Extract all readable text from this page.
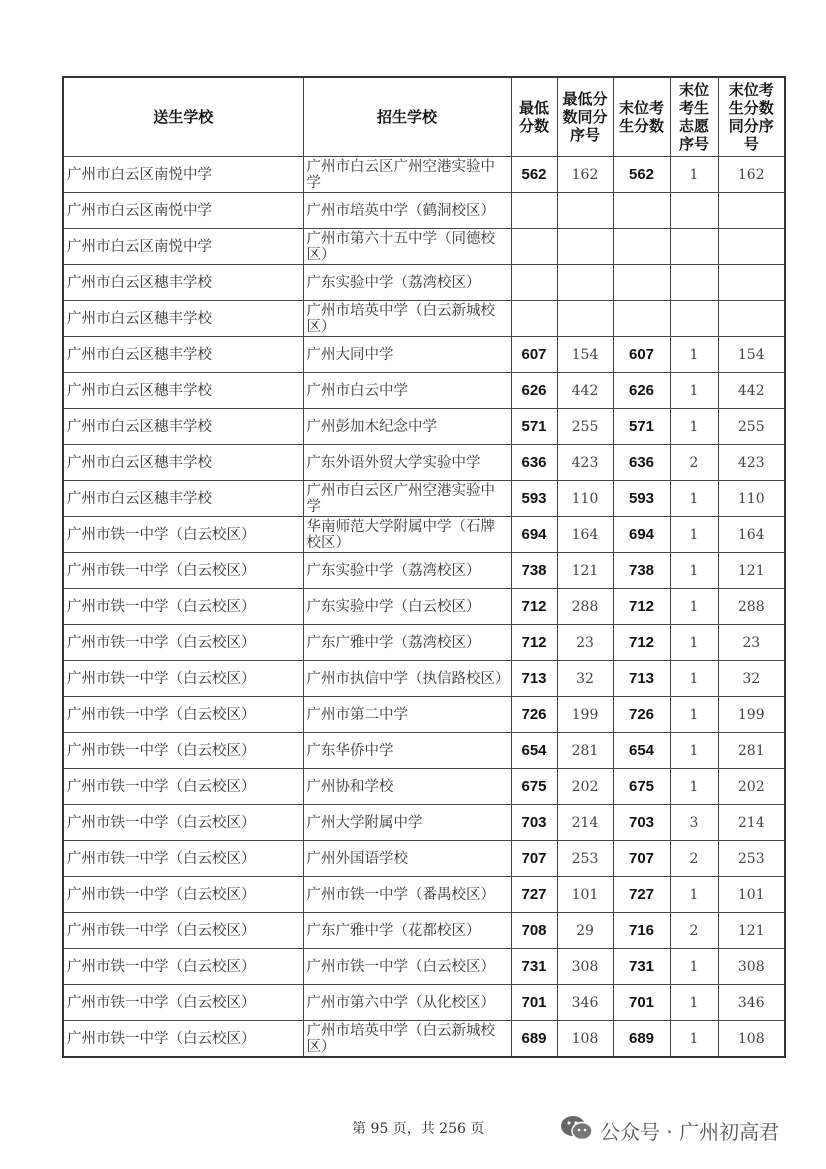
送生学校	招生学校	最低分数	最低分数同分序号	末位考生分数	末位考生志愿序号	末位考生分数同分序号
广州市白云区南悦中学	广州市白云区广州空港实验中学	562	162	562	1	162
广州市白云区南悦中学	广州市培英中学（鹤洞校区）					
广州市白云区南悦中学	广州市第六十五中学（同德校区）					
广州市白云区穗丰学校	广东实验中学（荔湾校区）					
广州市白云区穗丰学校	广州市培英中学（白云新城校区）					
广州市白云区穗丰学校	广州大同中学	607	154	607	1	154
广州市白云区穗丰学校	广州市白云中学	626	442	626	1	442
广州市白云区穗丰学校	广州彭加木纪念中学	571	255	571	1	255
广州市白云区穗丰学校	广东外语外贸大学实验中学	636	423	636	2	423
广州市白云区穗丰学校	广州市白云区广州空港实验中学	593	110	593	1	110
广州市铁一中学（白云校区）	华南师范大学附属中学（石牌校区）	694	164	694	1	164
广州市铁一中学（白云校区）	广东实验中学（荔湾校区）	738	121	738	1	121
广州市铁一中学（白云校区）	广东实验中学（白云校区）	712	288	712	1	288
广州市铁一中学（白云校区）	广东广雅中学（荔湾校区）	712	23	712	1	23
广州市铁一中学（白云校区）	广州市执信中学（执信路校区）	713	32	713	1	32
广州市铁一中学（白云校区）	广州市第二中学	726	199	726	1	199
广州市铁一中学（白云校区）	广东华侨中学	654	281	654	1	281
广州市铁一中学（白云校区）	广州协和学校	675	202	675	1	202
广州市铁一中学（白云校区）	广州大学附属中学	703	214	703	3	214
广州市铁一中学（白云校区）	广州外国语学校	707	253	707	2	253
广州市铁一中学（白云校区）	广州市铁一中学（番禺校区）	727	101	727	1	101
广州市铁一中学（白云校区）	广东广雅中学（花都校区）	708	29	716	2	121
广州市铁一中学（白云校区）	广州市铁一中学（白云校区）	731	308	731	1	308
广州市铁一中学（白云校区）	广州市第六中学（从化校区）	701	346	701	1	346
广州市铁一中学（白云校区）	广州市培英中学（白云新城校区）	689	108	689	1	108
第 95 页，共 256 页	公众号 · 广州初高君
